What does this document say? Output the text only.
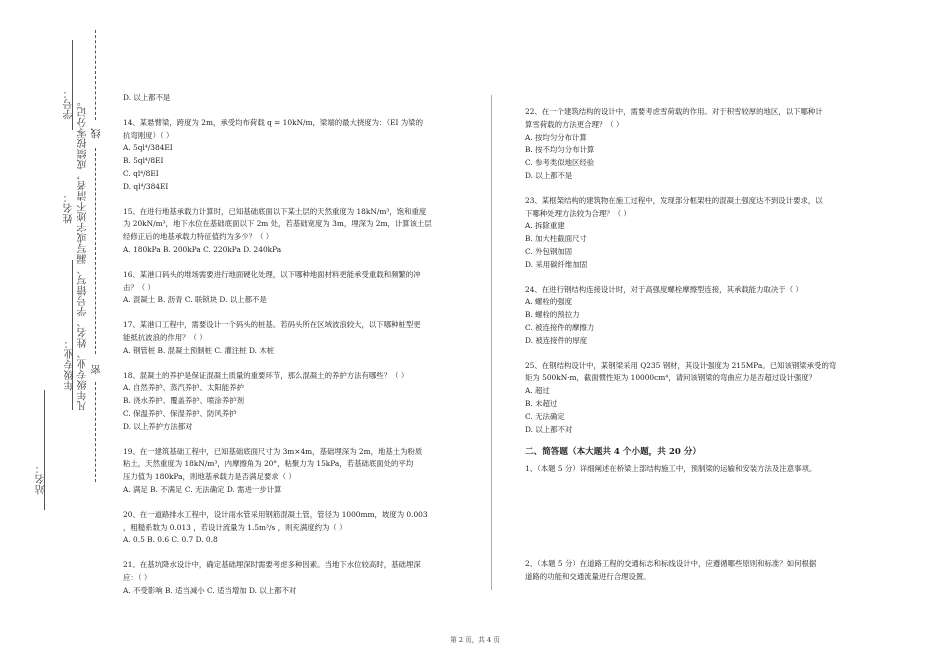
学号：
姓名： 凡年级专业、姓名、学号错写、漏写或字迹不清者，成绩按零分记。
年级专业： 密
线
站名：

D. 以上都不是

14、某悬臂梁，跨度为 2m，承受均布荷载 q = 10kN/m，梁端的最大挠度为：（EI 为梁的

抗弯刚度）（ ）

A. 5ql⁴/384EI

B. 5ql⁴/8EI

C. ql⁴/8EI

D. ql⁴/384EI

15、在进行地基承载力计算时，已知基础底面以下某土层的天然重度为 18kN/m³，饱和重度

为 20kN/m³，地下水位在基础底面以下 2m 处，若基础宽度为 3m，埋深为 2m，计算该土层

经修正后的地基承载力特征值约为多少？（ ）

A. 180kPa B. 200kPa C. 220kPa D. 240kPa

16、某港口码头的堆场需要进行地面硬化处理，以下哪种地面材料更能承受重载和频繁的冲

击？（ ）

A. 混凝土 B. 沥青 C. 联锁块 D. 以上都不是

17、某港口工程中，需要设计一个码头的桩基。若码头所在区域波浪较大，以下哪种桩型更

能抵抗波浪的作用？（ ）

A. 钢管桩 B. 混凝土预制桩 C. 灌注桩 D. 木桩

18、混凝土的养护是保证混凝土质量的重要环节，那么混凝土的养护方法有哪些？（ ）

A. 自然养护、蒸汽养护、太阳能养护

B. 浇水养护、覆盖养护、喷涂养护剂

C. 保温养护、保湿养护、防风养护

D. 以上养护方法都对

19、在一建筑基础工程中，已知基础底面尺寸为 3m×4m，基础埋深为 2m，地基土为粉质

粘土，天然重度为 18kN/m³，内摩擦角为 20°，粘聚力为 15kPa，若基础底面处的平均

压力值为 180kPa，则地基承载力是否满足要求（ ）

A. 满足 B. 不满足 C. 无法确定 D. 需进一步计算

20、在一道路排水工程中，设计雨水管采用钢筋混凝土管，管径为 1000mm，坡度为 0.003

，粗糙系数为 0.013 ，若设计流量为 1.5m³/s ，则充满度约为（ ）

A. 0.5 B. 0.6 C. 0.7 D. 0.8

21、在基坑降水设计中，确定基础埋深时需要考虑多种因素。当地下水位较高时，基础埋深

应：（ ）

A. 不受影响 B. 适当减小 C. 适当增加 D. 以上都不对

22、在一个建筑结构的设计中，需要考虑雪荷载的作用。对于积雪较厚的地区，以下哪种计

算雪荷载的方法更合理？（ ）

A. 按均匀分布计算

B. 按不均匀分布计算

C. 参考类似地区经验

D. 以上都不是

23、某框架结构的建筑物在施工过程中，发现部分框架柱的混凝土强度达不到设计要求，以

下哪种处理方法较为合理？（ ）

A. 拆除重建

B. 加大柱截面尺寸

C. 外包钢加固

D. 采用碳纤维加固

24、在进行钢结构连接设计时，对于高强度螺栓摩擦型连接，其承载能力取决于（ ）

A. 螺栓的强度

B. 螺栓的预拉力

C. 被连接件的摩擦力

D. 被连接件的厚度

25、在钢结构设计中，某钢梁采用 Q235 钢材，其设计强度为 215MPa。已知该钢梁承受的弯

矩为 500kN·m，截面惯性矩为 10000cm⁴，请问该钢梁的弯曲应力是否超过设计强度？

A. 超过

B. 未超过

C. 无法确定

D. 以上都不对

二、简答题（本大题共 4 个小题，共 20 分）

1、（本题 5 分）详细阐述在桥梁上部结构施工中，预制梁的运输和安装方法及注意事项。

2、（本题 5 分）在道路工程的交通标志和标线设计中，应遵循哪些原则和标准？如何根据

道路的功能和交通流量进行合理设置。

第 2 页，共 4 页
